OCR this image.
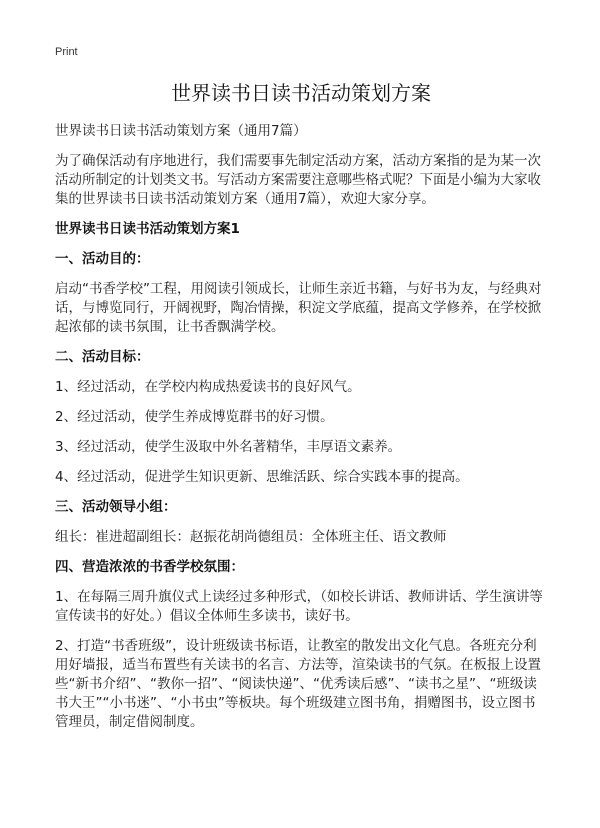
Print
世界读书日读书活动策划方案

世界读书日读书活动策划方案（通用7篇）

为了确保活动有序地进行，我们需要事先制定活动方案，活动方案指的是为某一次活动所制定的计划类文书。写活动方案需要注意哪些格式呢？下面是小编为大家收集的世界读书日读书活动策划方案（通用7篇），欢迎大家分享。

世界读书日读书活动策划方案1

一、活动目的：

启动“书香学校”工程，用阅读引领成长，让师生亲近书籍，与好书为友，与经典对话，与博览同行，开阔视野，陶冶情操，积淀文学底蕴，提高文学修养，在学校掀起浓郁的读书氛围，让书香飘满学校。

二、活动目标：

1、经过活动，在学校内构成热爱读书的良好风气。

2、经过活动，使学生养成博览群书的好习惯。

3、经过活动，使学生汲取中外名著精华，丰厚语文素养。

4、经过活动，促进学生知识更新、思维活跃、综合实践本事的提高。

三、活动领导小组：

组长：崔进超副组长：赵振花胡尚德组员：全体班主任、语文教师

四、营造浓浓的书香学校氛围：

1、在每隔三周升旗仪式上读经过多种形式，（如校长讲话、教师讲话、学生演讲等宣传读书的好处。）倡议全体师生多读书，读好书。

2、打造“书香班级”，设计班级读书标语，让教室的散发出文化气息。各班充分利用好墙报，适当布置些有关读书的名言、方法等，渲染读书的气氛。在板报上设置些“新书介绍”、“教你一招”、“阅读快递”、“优秀读后感”、“读书之星”、“班级读书大王”“小书迷”、“小书虫”等板块。每个班级建立图书角，捐赠图书，设立图书管理员，制定借阅制度。
